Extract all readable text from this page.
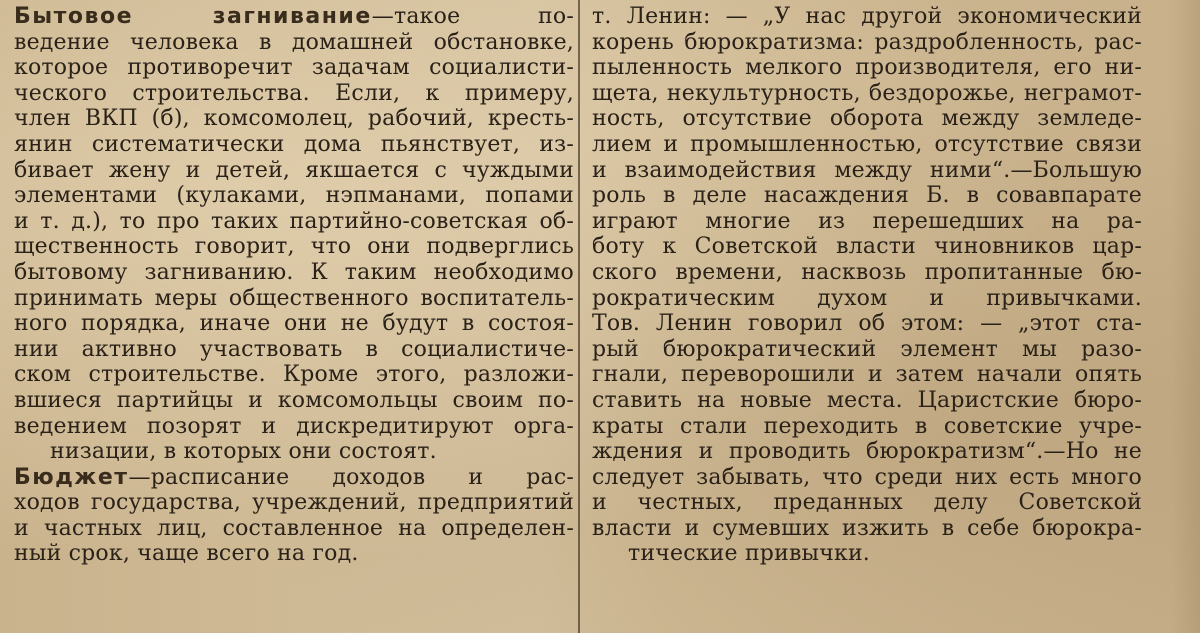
Бытовое загнивание—такое по-
ведение человека в домашней обстановке,
которое противоречит задачам социалисти-
ческого строительства. Если, к примеру,
член ВКП (б), комсомолец, рабочий, кресть-
янин систематически дома пьянствует, из-
бивает жену и детей, якшается с чуждыми
элементами (кулаками, нэпманами, попами
и т. д.), то про таких партийно-советская об-
щественность говорит, что они подверглись
бытовому загниванию. К таким необходимо
принимать меры общественного воспитатель-
ного порядка, иначе они не будут в состоя-
нии активно участвовать в социалистиче-
ском строительстве. Кроме этого, разложи-
вшиеся партийцы и комсомольцы своим по-
ведением позорят и дискредитируют орга-
низации, в которых они состоят.
Бюджет—расписание доходов и рас-
ходов государства, учреждений, предприятий
и частных лиц, составленное на определен-
ный срок, чаще всего на год.
т. Ленин: — „У нас другой экономический
корень бюрократизма: раздробленность, рас-
пыленность мелкого производителя, его ни-
щета, некультурность, бездорожье, неграмот-
ность, отсутствие оборота между земледе-
лием и промышленностью, отсутствие связи
и взаимодействия между ними“.—Большую
роль в деле насаждения Б. в совавпарате
играют многие из перешедших на ра-
боту к Советской власти чиновников цар-
ского времени, насквозь пропитанные бю-
рократическим духом и привычками.
Тов. Ленин говорил об этом: — „этот ста-
рый бюрократический элемент мы разо-
гнали, переворошили и затем начали опять
ставить на новые места. Царистские бюро-
краты стали переходить в советские учре-
ждения и проводить бюрократизм“.—Но не
следует забывать, что среди них есть много
и честных, преданных делу Советской
власти и сумевших изжить в себе бюрокра-
тические привычки.
